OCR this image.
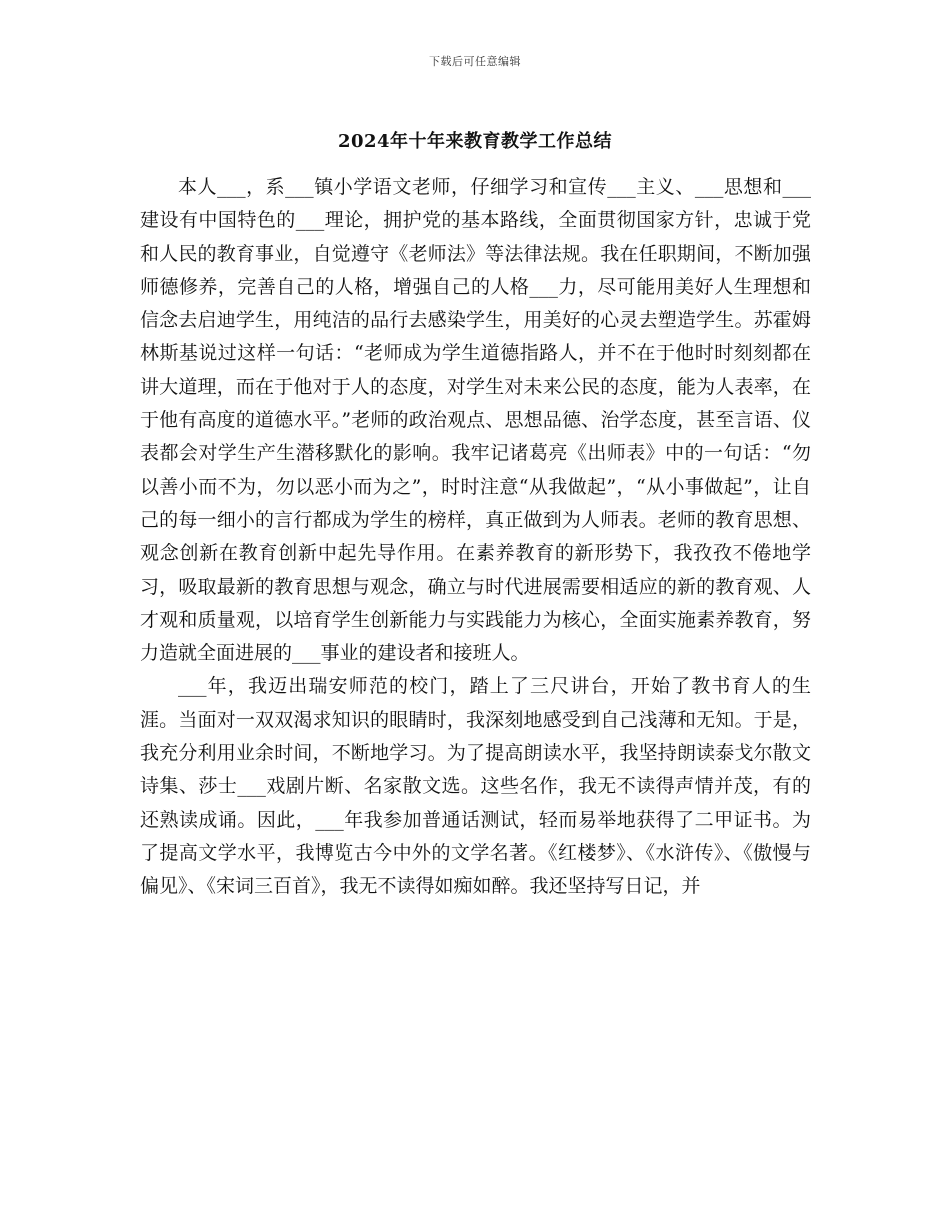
下载后可任意编辑
2024年十年来教育教学工作总结

本人___，系___镇小学语文老师，仔细学习和宣传___主义、___思想和___建设有中国特色的___理论，拥护党的基本路线，全面贯彻国家方针，忠诚于党和人民的教育事业，自觉遵守《老师法》等法律法规。我在任职期间，不断加强师德修养，完善自己的人格，增强自己的人格___力，尽可能用美好人生理想和信念去启迪学生，用纯洁的品行去感染学生，用美好的心灵去塑造学生。苏霍姆林斯基说过这样一句话：“老师成为学生道德指路人，并不在于他时时刻刻都在讲大道理，而在于他对于人的态度，对学生对未来公民的态度，能为人表率，在于他有高度的道德水平。”老师的政治观点、思想品德、治学态度，甚至言语、仪表都会对学生产生潜移默化的影响。我牢记诸葛亮《出师表》中的一句话：“勿以善小而不为，勿以恶小而为之”，时时注意“从我做起”，“从小事做起”，让自己的每一细小的言行都成为学生的榜样，真正做到为人师表。老师的教育思想、观念创新在教育创新中起先导作用。在素养教育的新形势下，我孜孜不倦地学习，吸取最新的教育思想与观念，确立与时代进展需要相适应的新的教育观、人才观和质量观，以培育学生创新能力与实践能力为核心，全面实施素养教育，努力造就全面进展的___事业的建设者和接班人。

___年，我迈出瑞安师范的校门，踏上了三尺讲台，开始了教书育人的生涯。当面对一双双渴求知识的眼睛时，我深刻地感受到自己浅薄和无知。于是，我充分利用业余时间，不断地学习。为了提高朗读水平，我坚持朗读泰戈尔散文诗集、莎士___戏剧片断、名家散文选。这些名作，我无不读得声情并茂，有的还熟读成诵。因此，___年我参加普通话测试，轻而易举地获得了二甲证书。为了提高文学水平，我博览古今中外的文学名著。《红楼梦》、《水浒传》、《傲慢与偏见》、《宋词三百首》，我无不读得如痴如醉。我还坚持写日记，并
